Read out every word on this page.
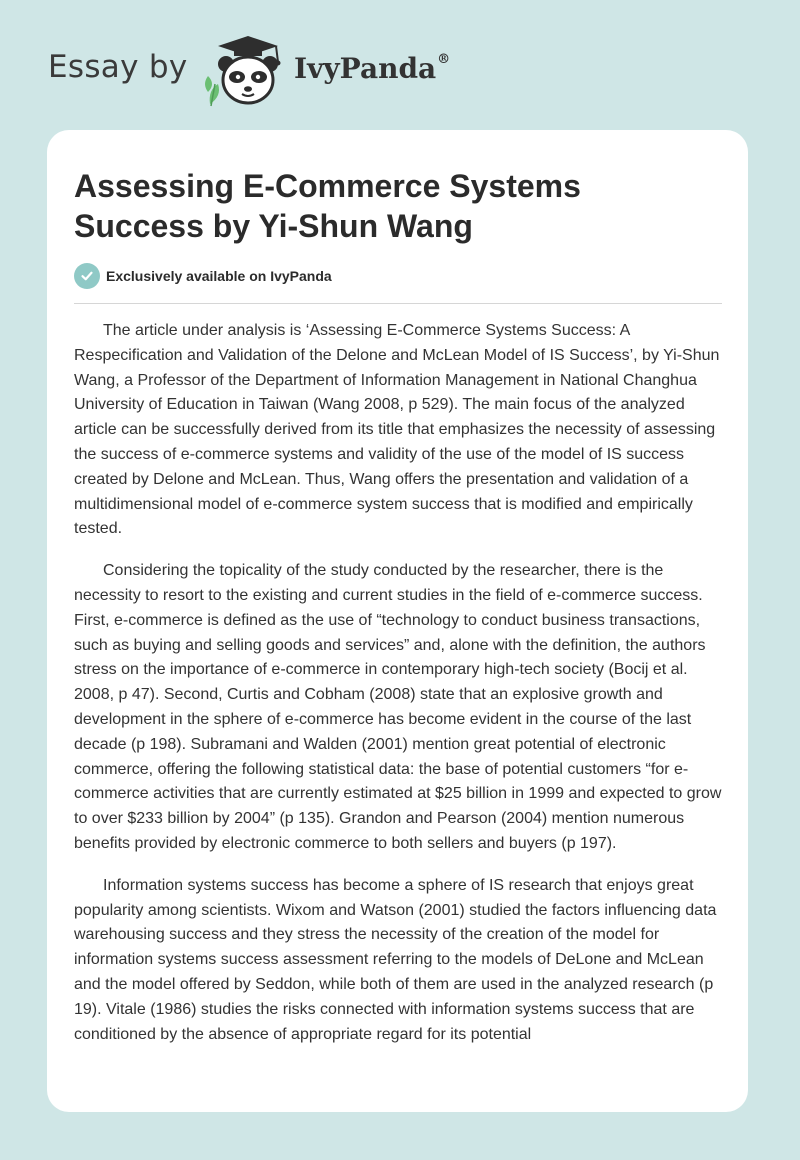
Essay by	IvyPanda®
Assessing E-Commerce Systems Success by Yi-Shun Wang
Exclusively available on IvyPanda

The article under analysis is ‘Assessing E-Commerce Systems Success: A Respecification and Validation of the Delone and McLean Model of IS Success’, by Yi-Shun Wang, a Professor of the Department of Information Management in National Changhua University of Education in Taiwan (Wang 2008, p 529). The main focus of the analyzed article can be successfully derived from its title that emphasizes the necessity of assessing the success of e-commerce systems and validity of the use of the model of IS success created by Delone and McLean. Thus, Wang offers the presentation and validation of a multidimensional model of e-commerce system success that is modified and empirically tested.

Considering the topicality of the study conducted by the researcher, there is the necessity to resort to the existing and current studies in the field of e-commerce success. First, e-commerce is defined as the use of “technology to conduct business transactions, such as buying and selling goods and services” and, alone with the definition, the authors stress on the importance of e-commerce in contemporary high-tech society (Bocij et al. 2008, p 47). Second, Curtis and Cobham (2008) state that an explosive growth and development in the sphere of e-commerce has become evident in the course of the last decade (p 198). Subramani and Walden (2001) mention great potential of electronic commerce, offering the following statistical data: the base of potential customers “for e-commerce activities that are currently estimated at $25 billion in 1999 and expected to grow to over $233 billion by 2004” (p 135). Grandon and Pearson (2004) mention numerous benefits provided by electronic commerce to both sellers and buyers (p 197).

Information systems success has become a sphere of IS research that enjoys great popularity among scientists. Wixom and Watson (2001) studied the factors influencing data warehousing success and they stress the necessity of the creation of the model for information systems success assessment referring to the models of DeLone and McLean and the model offered by Seddon, while both of them are used in the analyzed research (p 19). Vitale (1986) studies the risks connected with information systems success that are conditioned by the absence of appropriate regard for its potential
